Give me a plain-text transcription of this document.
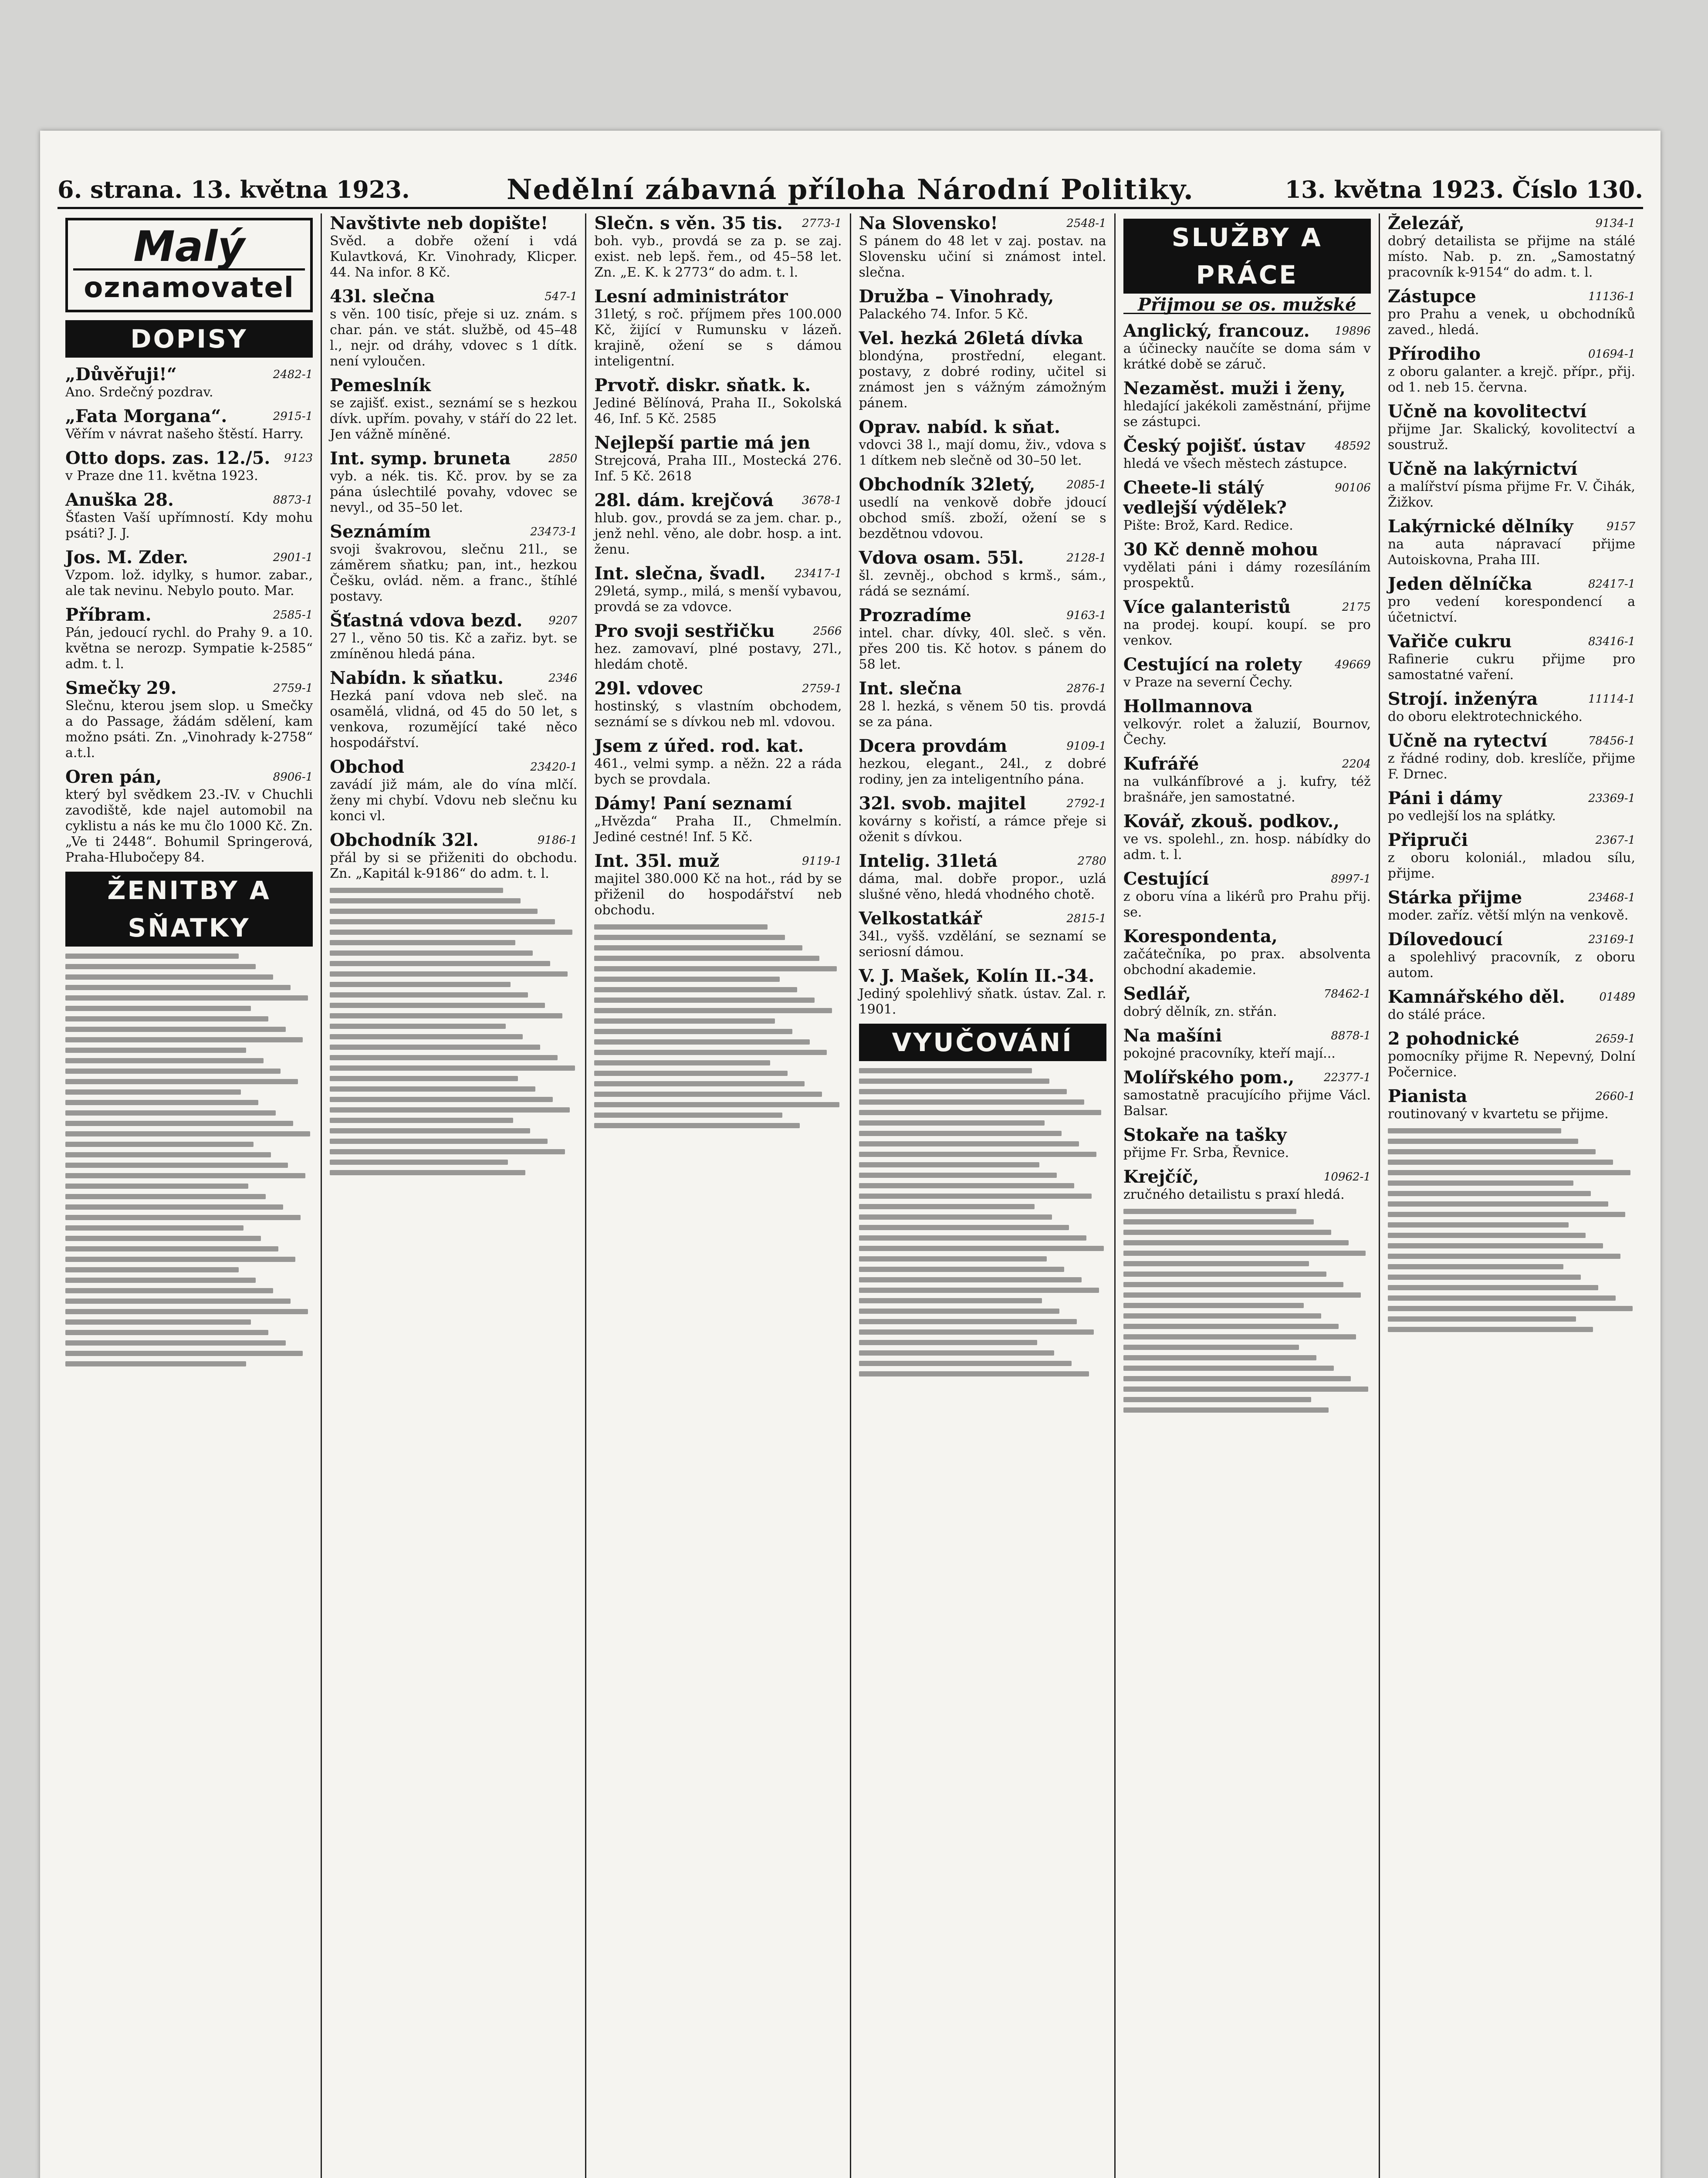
6. strana. 13. května 1923.	Nedělní zábavná příloha Národní Politiky.	13. května 1923. Číslo 130.
Malý
oznamovatel
DOPISY
„Důvěřuji!“	2482-1
Ano. Srdečný pozdrav.
„Fata Morgana“.	2915-1
Věřím v návrat našeho štěstí. Harry.
Otto dops. zas. 12./5. 9123
v Praze dne 11. května 1923.
Anuška 28.	8873-1
Šťasten Vaší upřímností. Kdy mohu psáti? J. J.
Jos. M. Zder.	2901-1
Vzpom. lož. idylky, s humor. zabar., ale tak nevinu. Nebylo pouto. Mar.
Příbram.	2585-1
Pán, jedoucí rychl. do Prahy 9. a 10. května se nerozp. Sympatie k-2585“ adm. t. l.
Smečky 29.	2759-1
Slečnu, kterou jsem slop. u Smečky a do Passage, žádám sdělení, kam možno psáti. Zn. „Vinohrady k-2758“ a.t.l.
Oren pán,	8906-1
který byl svědkem 23.-IV. v Chuchli zavodiště, kde najel automobil na cyklistu a nás ke mu člo 1000 Kč. Zn. „Ve ti 2448“. Bohumil Springerová, Praha-Hlubočepy 84.
ŽENITBY A SŇATKY
Navštivte neb dopište!
Svěd. a dobře ožení i vdá Kulavtková, Kr. Vinohrady, Klicper. 44. Na infor. 8 Kč.
43l. slečna	547-1
s věn. 100 tisíc, přeje si uz. znám. s char. pán. ve stát. službě, od 45–48 l., nejr. od dráhy, vdovec s 1 dítk. není vyloučen.
Pemeslník
se zajišť. exist., seznámí se s hezkou dívk. upřím. povahy, v stáří do 22 let. Jen vážně míněné.
Int. symp. bruneta	2850
vyb. a nék. tis. Kč. prov. by se za pána úslechtilé povahy, vdovec se nevyl., od 35–50 let.
Seznámím	23473-1
svoji švakrovou, slečnu 21l., se záměrem sňatku; pan, int., hezkou Češku, ovlád. něm. a franc., štíhlé postavy.
Šťastná vdova bezd. 9207
27 l., věno 50 tis. Kč a zařiz. byt. se zmíněnou hledá pána.
Nabídn. k sňatku.	2346
Hezká paní vdova neb sleč. na osamělá, vlidná, od 45 do 50 let, s venkova, rozumějící také něco hospodářství.
Obchod	23420-1
zavádí již mám, ale do vína mlčí. ženy mi chybí. Vdovu neb slečnu ku konci vl.
Obchodník 32l.	9186-1
přál by si se přiženiti do obchodu. Zn. „Kapitál k-9186“ do adm. t. l.
Slečn. s věn. 35 tis. 2773-1
boh. vyb., provdá se za p. se zaj. exist. neb lepš. řem., od 45–58 let. Zn. „E. K. k 2773“ do adm. t. l.
Lesní administrátor
31letý, s roč. příjmem přes 100.000 Kč, žijící v Rumunsku v lázeň. krajině, ožení se s dámou inteligentní.
Prvotř. diskr. sňatk. k.
Jediné Bělínová, Praha II., Sokolská 46, Inf. 5 Kč. 2585
Nejlepší partie má jen
Strejcová, Praha III., Mostecká 276. Inf. 5 Kč. 2618
28l. dám. krejčová 3678-1
hlub. gov., provdá se za jem. char. p., jenž nehl. věno, ale dobr. hosp. a int. ženu.
Int. slečna, švadl.	23417-1
29letá, symp., milá, s menší vybavou, provdá se za vdovce.
Pro svoji sestřičku	2566
hez. zamovaví, plné postavy, 27l., hledám chotě.
29l. vdovec	2759-1
hostinský, s vlastním obchodem, seznámí se s dívkou neb ml. vdovou.
Jsem z úřed. rod. kat.
461., velmi symp. a něžn. 22 a ráda bych se provdala.
Dámy! Paní seznamí
„Hvězda“ Praha II., Chmelmín. Jediné cestné! Inf. 5 Kč.
Int. 35l. muž	9119-1
majitel 380.000 Kč na hot., rád by se přiženil do hospodářství neb obchodu.
Na Slovensko!	2548-1
S pánem do 48 let v zaj. postav. na Slovensku učiní si známost intel. slečna.
Družba – Vinohrady,
Palackého 74. Infor. 5 Kč.
Vel. hezká 26letá dívka
blondýna, prostřední, elegant. postavy, z dobré rodiny, učitel si známost jen s vážným zámožným pánem.
Oprav. nabíd. k sňat.
vdovci 38 l., mají domu, živ., vdova s 1 dítkem neb slečně od 30–50 let.
Obchodník 32letý,	2085-1
usedlí na venkově dobře jdoucí obchod smíš. zboží, ožení se s bezdětnou vdovou.
Vdova osam. 55l.	2128-1
šl. zevněj., obchod s krmš., sám., rádá se seznámí.
Prozradíme	9163-1
intel. char. dívky, 40l. sleč. s věn. přes 200 tis. Kč hotov. s pánem do 58 let.
Int. slečna	2876-1
28 l. hezká, s věnem 50 tis. provdá se za pána.
Dcera provdám	9109-1
hezkou, elegant., 24l., z dobré rodiny, jen za inteligentního pána.
32l. svob. majitel	2792-1
kovárny s kořistí, a rámce přeje si oženit s dívkou.
Intelig. 31letá	2780
dáma, mal. dobře propor., uzlá slušné věno, hledá vhodného chotě.
Velkostatkář	2815-1
34l., vyšš. vzdělání, se seznamí se seriosní dámou.
V. J. Mašek, Kolín II.-34.
Jediný spolehlivý sňatk. ústav. Zal. r. 1901.
VYUČOVÁNÍ
SLUŽBY A PRÁCE
Přijmou se os. mužské
Anglický, francouz. 19896
a účinecky naučíte se doma sám v krátké době se záruč.
Nezaměst. muži i ženy,
hledající jakékoli zaměstnání, přijme se zástupci.
Český pojišť. ústav	48592
hledá ve všech městech zástupce.
Cheete-li stálý vedlejší výdělek?
90106
Pište: Brož, Kard. Redice.
30 Kč denně mohou
vydělati páni i dámy rozesíláním prospektů.
Více galanteristů	2175
na prodej. koupí. koupí. se pro venkov.
Cestující na rolety	49669
v Praze na severní Čechy.
Hollmannova
velkovýr. rolet a žaluzií, Bournov, Čechy.
Kufrářé	2204
na vulkánfíbrové a j. kufry, též brašnáře, jen samostatné.
Kovář, zkouš. podkov.,
ve vs. spolehl., zn. hosp. nábídky do adm. t. l.
Cestující	8997-1
z oboru vína a likérů pro Prahu přij. se.
Korespondenta,
začátečníka, po prax. absolventa obchodní akademie.
Sedlář,	78462-1
dobrý dělník, zn. střán.
Na mašíni	8878-1
pokojné pracovníky, kteří mají...
Molířského pom.,	22377-1
samostatně pracujícího přijme Václ. Balsar.
Stokaře na tašky
přijme Fr. Srba, Řevnice.
Krejčíč,	10962-1
zručného detailistu s praxí hledá.
Železář,	9134-1
dobrý detailista se přijme na stálé místo. Nab. p. zn. „Samostatný pracovník k-9154“ do adm. t. l.
Zástupce	11136-1
pro Prahu a venek, u obchodníků zaved., hledá.
Přírodiho	01694-1
z oboru galanter. a krejč. přípr., přij. od 1. neb 15. června.
Učně na kovolitectví
přijme Jar. Skalický, kovolitectví a soustruž.
Učně na lakýrnictví
a malířství písma přijme Fr. V. Čihák, Žižkov.
Lakýrnické dělníky	9157
na auta nápravací přijme Autoiskovna, Praha III.
Jeden dělníčka	82417-1
pro vedení korespondencí a účetnictví.
Vařiče cukru	83416-1
Rafinerie cukru přijme pro samostatné vaření.
Strojí. inženýra	11114-1
do oboru elektrotechnického.
Učně na rytectví	78456-1
z řádné rodiny, dob. kreslíče, přijme F. Drnec.
Páni i dámy	23369-1
po vedlejší los na splátky.
Připruči	2367-1
z oboru koloniál., mladou sílu, přijme.
Stárka přijme	23468-1
moder. zaříz. větší mlýn na venkově.
Dílovedoucí	23169-1
a spolehlivý pracovník, z oboru autom.
Kamnářského děl.	01489
do stálé práce.
2 pohodnické	2659-1
pomocníky přijme R. Nepevný, Dolní Počernice.
Pianista	2660-1
routinovaný v kvartetu se přijme.
